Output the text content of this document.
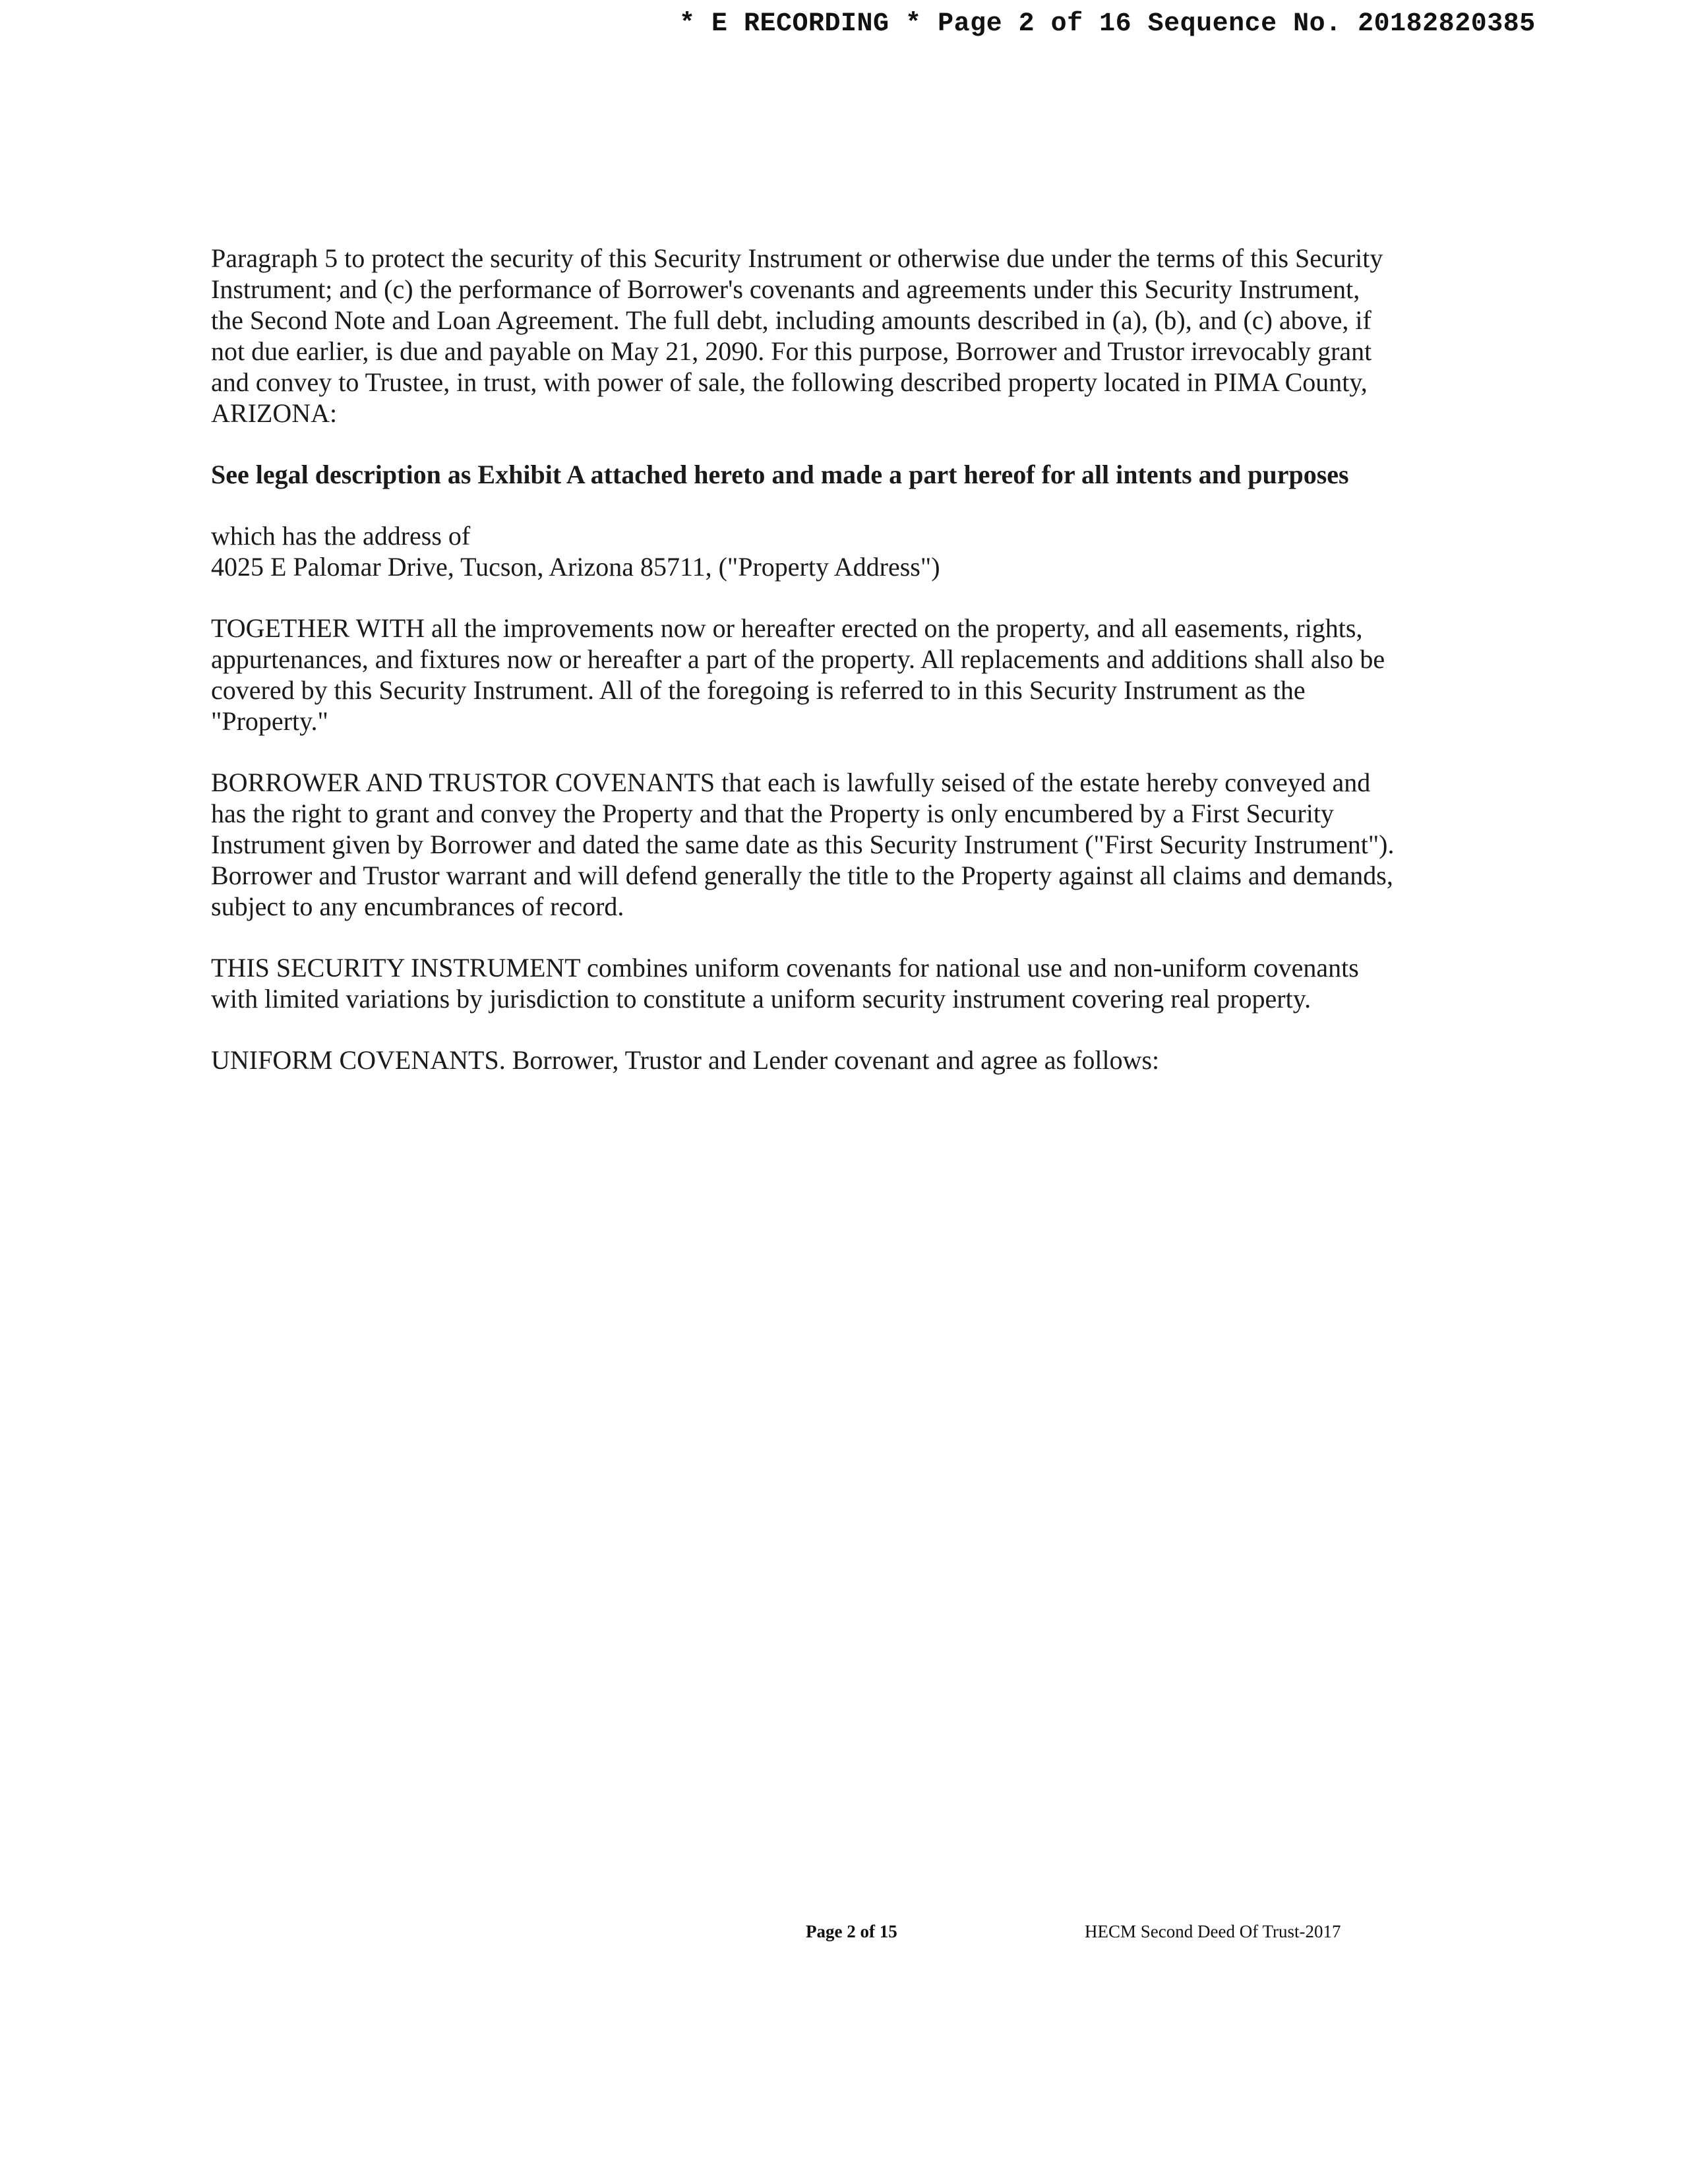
* E RECORDING * Page 2 of 16 Sequence No. 20182820385

Paragraph 5 to protect the security of this Security Instrument or otherwise due under the terms of this Security Instrument; and (c) the performance of Borrower's covenants and agreements under this Security Instrument, the Second Note and Loan Agreement. The full debt, including amounts described in (a), (b), and (c) above, if not due earlier, is due and payable on May 21, 2090. For this purpose, Borrower and Trustor irrevocably grant and convey to Trustee, in trust, with power of sale, the following described property located in PIMA County, ARIZONA:

See legal description as Exhibit A attached hereto and made a part hereof for all intents and purposes

which has the address of
4025 E Palomar Drive, Tucson, Arizona 85711, ("Property Address")

TOGETHER WITH all the improvements now or hereafter erected on the property, and all easements, rights, appurtenances, and fixtures now or hereafter a part of the property. All replacements and additions shall also be covered by this Security Instrument. All of the foregoing is referred to in this Security Instrument as the "Property."

BORROWER AND TRUSTOR COVENANTS that each is lawfully seised of the estate hereby conveyed and has the right to grant and convey the Property and that the Property is only encumbered by a First Security Instrument given by Borrower and dated the same date as this Security Instrument ("First Security Instrument"). Borrower and Trustor warrant and will defend generally the title to the Property against all claims and demands, subject to any encumbrances of record.

THIS SECURITY INSTRUMENT combines uniform covenants for national use and non-uniform covenants with limited variations by jurisdiction to constitute a uniform security instrument covering real property.

UNIFORM COVENANTS. Borrower, Trustor and Lender covenant and agree as follows:

Page 2 of 15	HECM Second Deed Of Trust-2017
